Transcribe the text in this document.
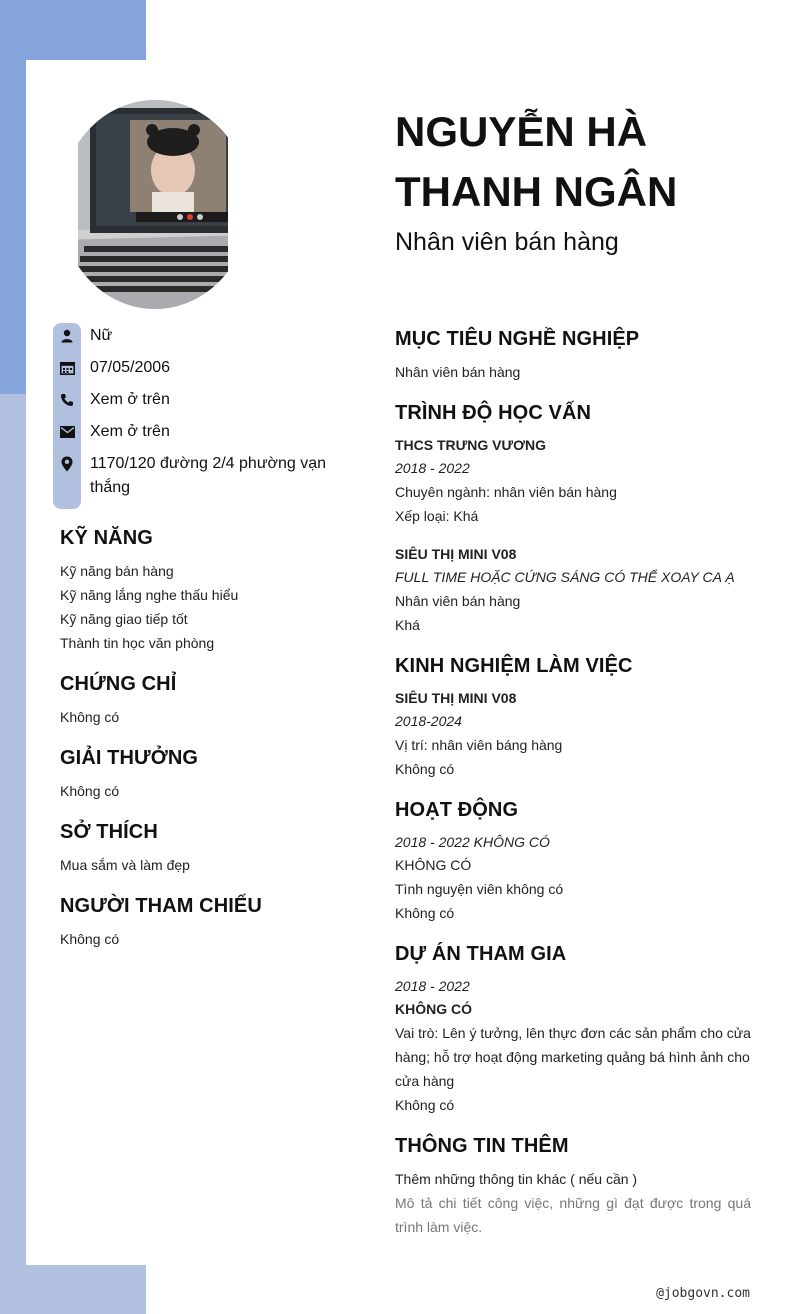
NGUYỄN HÀ THANH NGÂN
Nhân viên bán hàng
Nữ
07/05/2006
Xem ở trên
Xem ở trên
1170/120 đường 2/4 phường vạn thắng
KỸ NĂNG
Kỹ năng bán hàng
Kỹ năng lắng nghe thấu hiểu
Kỹ năng giao tiếp tốt
Thành tin học văn phòng
CHỨNG CHỈ
Không có
GIẢI THƯỞNG
Không có
SỞ THÍCH
Mua sắm và làm đẹp
NGƯỜI THAM CHIẾU
Không có
MỤC TIÊU NGHỀ NGHIỆP
Nhân viên bán hàng
TRÌNH ĐỘ HỌC VẤN
THCS TRƯNG VƯƠNG
2018 - 2022
Chuyên ngành: nhân viên bán hàng
Xếp loại: Khá
SIÊU THỊ MINI V08
FULL TIME HOẶC CỨNG SÁNG CÓ THỂ XOAY CA Ạ
Nhân viên bán hàng
Khá
KINH NGHIỆM LÀM VIỆC
SIÊU THỊ MINI V08
2018-2024
Vị trí: nhân viên báng hàng
Không có
HOẠT ĐỘNG
2018 - 2022 KHÔNG CÓ
KHÔNG CÓ
Tình nguyện viên không có
Không có
DỰ ÁN THAM GIA
2018 - 2022
KHÔNG CÓ
Vai trò: Lên ý tưởng, lên thực đơn các sản phẩm cho cửa hàng; hỗ trợ hoạt động marketing quảng bá hình ảnh cho cửa hàng
Không có
THÔNG TIN THÊM
Thêm những thông tin khác ( nếu cần )
Mô tả chi tiết công việc, những gì đạt được trong quá trình làm việc.
@jobgovn.com
